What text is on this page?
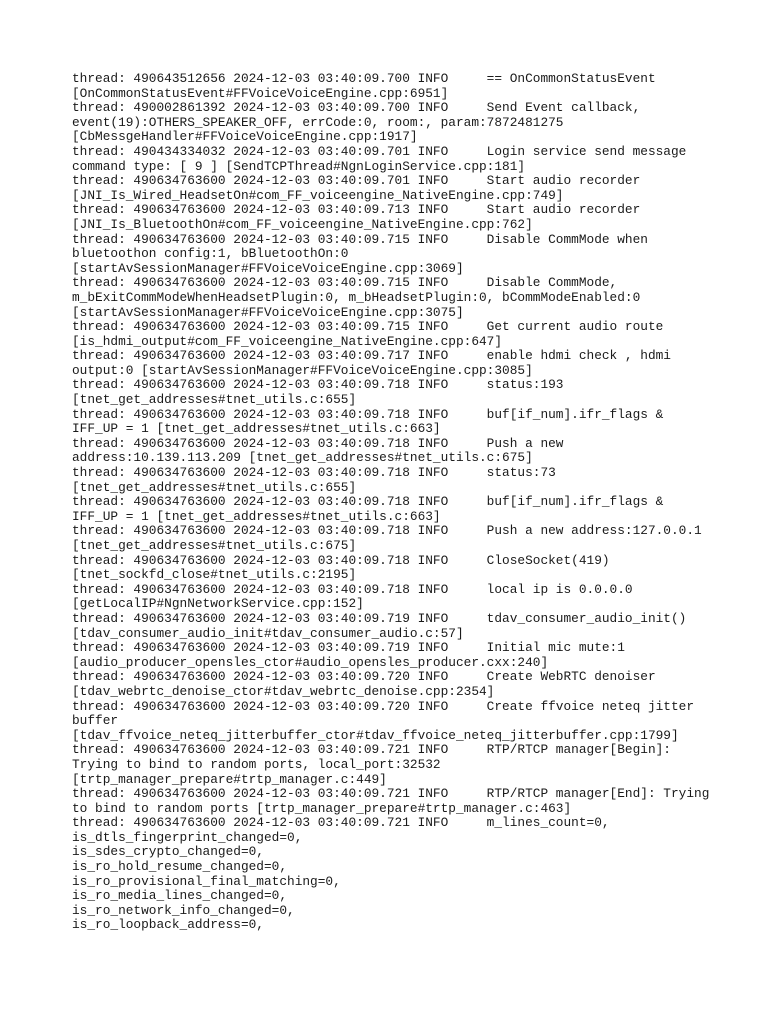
thread: 490643512656 2024-12-03 03:40:09.700 INFO     == OnCommonStatusEvent
[OnCommonStatusEvent#FFVoiceVoiceEngine.cpp:6951]
thread: 490002861392 2024-12-03 03:40:09.700 INFO     Send Event callback,
event(19):OTHERS_SPEAKER_OFF, errCode:0, room:, param:7872481275
[CbMessgeHandler#FFVoiceVoiceEngine.cpp:1917]
thread: 490434334032 2024-12-03 03:40:09.701 INFO     Login service send message
command type: [ 9 ] [SendTCPThread#NgnLoginService.cpp:181]
thread: 490634763600 2024-12-03 03:40:09.701 INFO     Start audio recorder
[JNI_Is_Wired_HeadsetOn#com_FF_voiceengine_NativeEngine.cpp:749]
thread: 490634763600 2024-12-03 03:40:09.713 INFO     Start audio recorder
[JNI_Is_BluetoothOn#com_FF_voiceengine_NativeEngine.cpp:762]
thread: 490634763600 2024-12-03 03:40:09.715 INFO     Disable CommMode when
bluetoothon config:1, bBluetoothOn:0
[startAvSessionManager#FFVoiceVoiceEngine.cpp:3069]
thread: 490634763600 2024-12-03 03:40:09.715 INFO     Disable CommMode,
m_bExitCommModeWhenHeadsetPlugin:0, m_bHeadsetPlugin:0, bCommModeEnabled:0
[startAvSessionManager#FFVoiceVoiceEngine.cpp:3075]
thread: 490634763600 2024-12-03 03:40:09.715 INFO     Get current audio route
[is_hdmi_output#com_FF_voiceengine_NativeEngine.cpp:647]
thread: 490634763600 2024-12-03 03:40:09.717 INFO     enable hdmi check , hdmi
output:0 [startAvSessionManager#FFVoiceVoiceEngine.cpp:3085]
thread: 490634763600 2024-12-03 03:40:09.718 INFO     status:193
[tnet_get_addresses#tnet_utils.c:655]
thread: 490634763600 2024-12-03 03:40:09.718 INFO     buf[if_num].ifr_flags &
IFF_UP = 1 [tnet_get_addresses#tnet_utils.c:663]
thread: 490634763600 2024-12-03 03:40:09.718 INFO     Push a new
address:10.139.113.209 [tnet_get_addresses#tnet_utils.c:675]
thread: 490634763600 2024-12-03 03:40:09.718 INFO     status:73
[tnet_get_addresses#tnet_utils.c:655]
thread: 490634763600 2024-12-03 03:40:09.718 INFO     buf[if_num].ifr_flags &
IFF_UP = 1 [tnet_get_addresses#tnet_utils.c:663]
thread: 490634763600 2024-12-03 03:40:09.718 INFO     Push a new address:127.0.0.1
[tnet_get_addresses#tnet_utils.c:675]
thread: 490634763600 2024-12-03 03:40:09.718 INFO     CloseSocket(419)
[tnet_sockfd_close#tnet_utils.c:2195]
thread: 490634763600 2024-12-03 03:40:09.718 INFO     local ip is 0.0.0.0
[getLocalIP#NgnNetworkService.cpp:152]
thread: 490634763600 2024-12-03 03:40:09.719 INFO     tdav_consumer_audio_init()
[tdav_consumer_audio_init#tdav_consumer_audio.c:57]
thread: 490634763600 2024-12-03 03:40:09.719 INFO     Initial mic mute:1
[audio_producer_opensles_ctor#audio_opensles_producer.cxx:240]
thread: 490634763600 2024-12-03 03:40:09.720 INFO     Create WebRTC denoiser
[tdav_webrtc_denoise_ctor#tdav_webrtc_denoise.cpp:2354]
thread: 490634763600 2024-12-03 03:40:09.720 INFO     Create ffvoice neteq jitter
buffer
[tdav_ffvoice_neteq_jitterbuffer_ctor#tdav_ffvoice_neteq_jitterbuffer.cpp:1799]
thread: 490634763600 2024-12-03 03:40:09.721 INFO     RTP/RTCP manager[Begin]:
Trying to bind to random ports, local_port:32532
[trtp_manager_prepare#trtp_manager.c:449]
thread: 490634763600 2024-12-03 03:40:09.721 INFO     RTP/RTCP manager[End]: Trying
to bind to random ports [trtp_manager_prepare#trtp_manager.c:463]
thread: 490634763600 2024-12-03 03:40:09.721 INFO     m_lines_count=0,
is_dtls_fingerprint_changed=0,
is_sdes_crypto_changed=0,
is_ro_hold_resume_changed=0,
is_ro_provisional_final_matching=0,
is_ro_media_lines_changed=0,
is_ro_network_info_changed=0,
is_ro_loopback_address=0,
